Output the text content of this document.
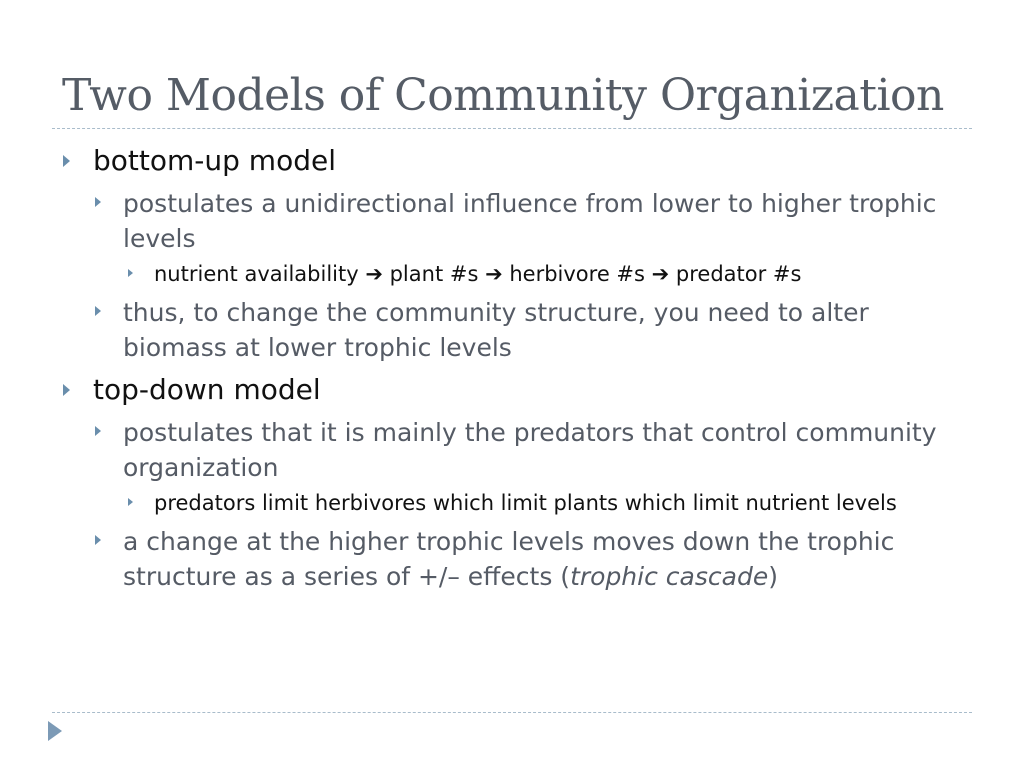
Two Models of Community Organization
bottom-up model
postulates a unidirectional influence from lower to higher trophic levels
nutrient availability ➔ plant #s ➔ herbivore #s ➔ predator #s
thus, to change the community structure, you need to alter biomass at lower trophic levels
top-down model
postulates that it is mainly the predators that control community organization
predators limit herbivores which limit plants which limit nutrient levels
a change at the higher trophic levels moves down the trophic structure as a series of +/– effects (trophic cascade)
